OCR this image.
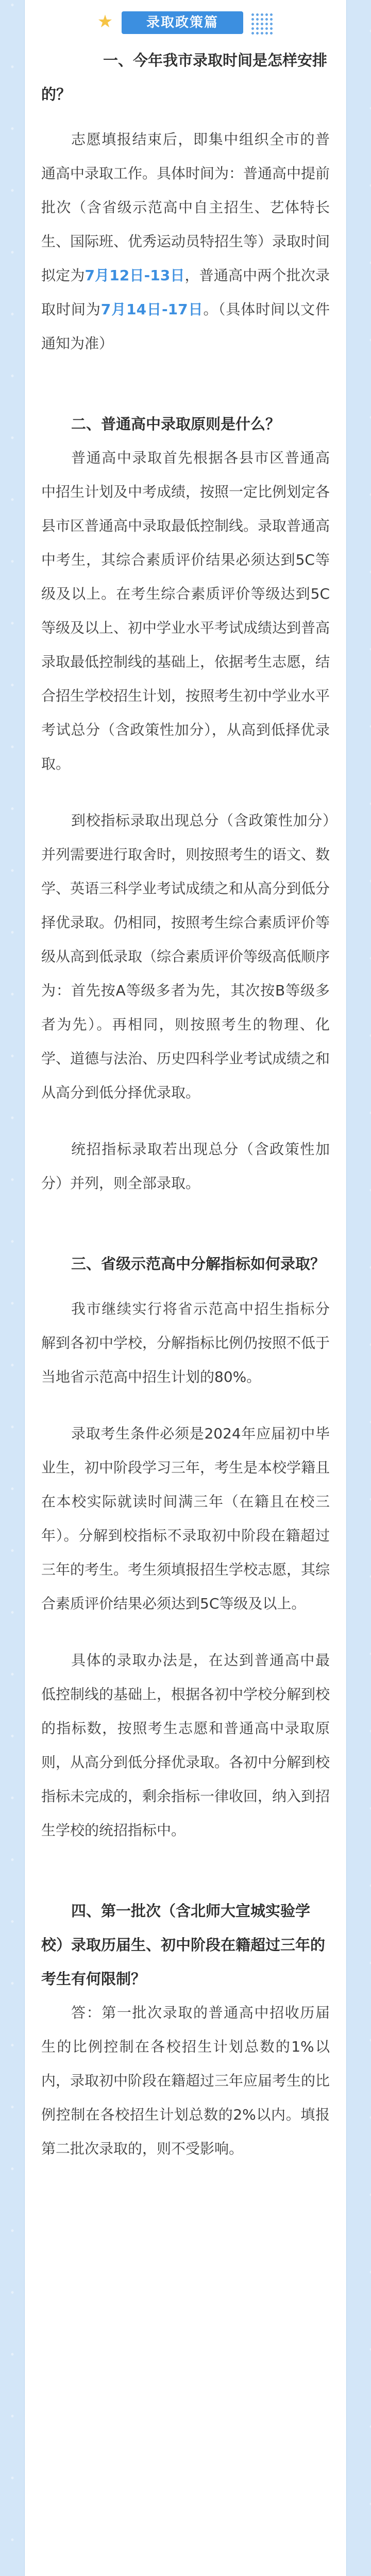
★	录取政策篇

一、今年我市录取时间是怎样安排的？

志愿填报结束后，即集中组织全市的普通高中录取工作。具体时间为：普通高中提前批次（含省级示范高中自主招生、艺体特长生、国际班、优秀运动员特招生等）录取时间拟定为7月12日-13日，普通高中两个批次录取时间为7月14日-17日。（具体时间以文件通知为准）

二、普通高中录取原则是什么？

普通高中录取首先根据各县市区普通高中招生计划及中考成绩，按照一定比例划定各县市区普通高中录取最低控制线。录取普通高中考生，其综合素质评价结果必须达到5C等级及以上。在考生综合素质评价等级达到5C等级及以上、初中学业水平考试成绩达到普高录取最低控制线的基础上，依据考生志愿，结合招生学校招生计划，按照考生初中学业水平考试总分（含政策性加分），从高到低择优录取。

到校指标录取出现总分（含政策性加分）并列需要进行取舍时，则按照考生的语文、数学、英语三科学业考试成绩之和从高分到低分择优录取。仍相同，按照考生综合素质评价等级从高到低录取（综合素质评价等级高低顺序为：首先按A等级多者为先，其次按B等级多者为先）。再相同，则按照考生的物理、化学、道德与法治、历史四科学业考试成绩之和从高分到低分择优录取。

统招指标录取若出现总分（含政策性加分）并列，则全部录取。

三、省级示范高中分解指标如何录取？

我市继续实行将省示范高中招生指标分解到各初中学校，分解指标比例仍按照不低于当地省示范高中招生计划的80%。

录取考生条件必须是2024年应届初中毕业生，初中阶段学习三年，考生是本校学籍且在本校实际就读时间满三年（在籍且在校三年）。分解到校指标不录取初中阶段在籍超过三年的考生。考生须填报招生学校志愿，其综合素质评价结果必须达到5C等级及以上。

具体的录取办法是，在达到普通高中最低控制线的基础上，根据各初中学校分解到校的指标数，按照考生志愿和普通高中录取原则，从高分到低分择优录取。各初中分解到校指标未完成的，剩余指标一律收回，纳入到招生学校的统招指标中。

四、第一批次（含北师大宣城实验学校）录取历届生、初中阶段在籍超过三年的考生有何限制？

答：第一批次录取的普通高中招收历届生的比例控制在各校招生计划总数的1%以内，录取初中阶段在籍超过三年应届考生的比例控制在各校招生计划总数的2%以内。填报第二批次录取的，则不受影响。
